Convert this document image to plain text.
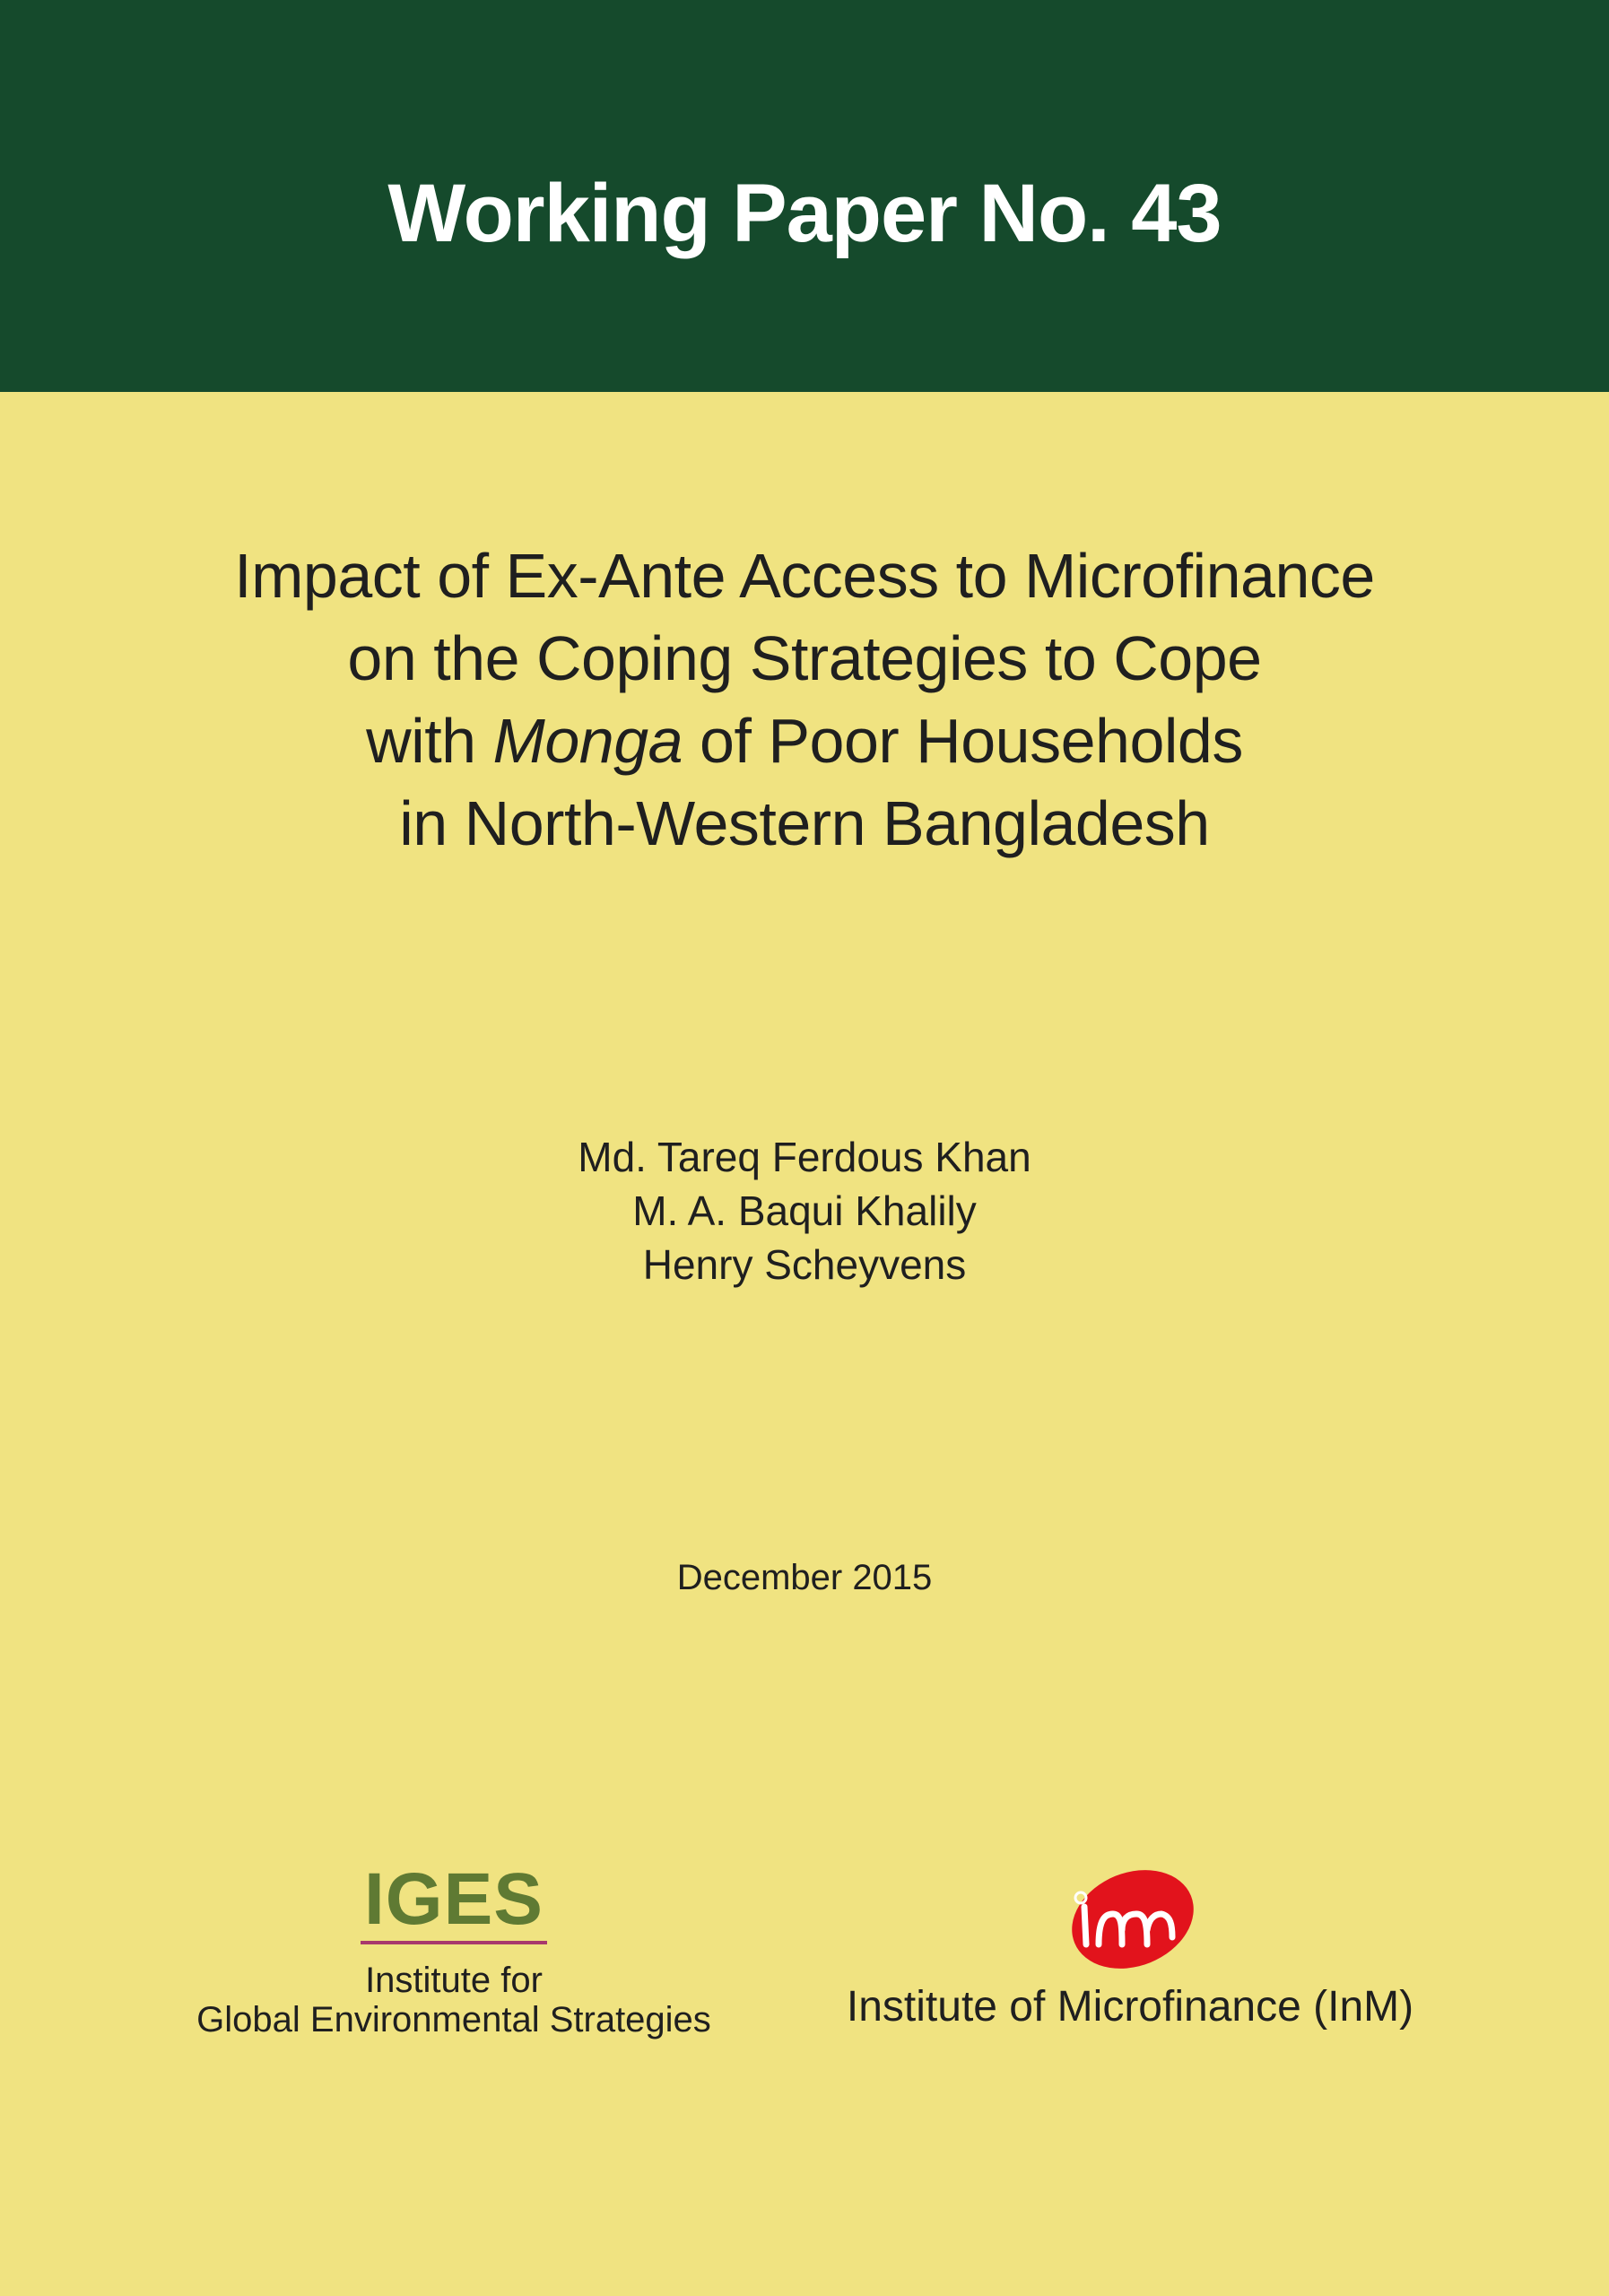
Working Paper No. 43
Impact of Ex-Ante Access to Microfinance
on the Coping Strategies to Cope
with Monga of Poor Households
in North-Western Bangladesh
Md. Tareq Ferdous Khan
M. A. Baqui Khalily
Henry Scheyvens
December 2015
IGES
Institute for
Global Environmental Strategies	Institute of Microfinance (InM)
